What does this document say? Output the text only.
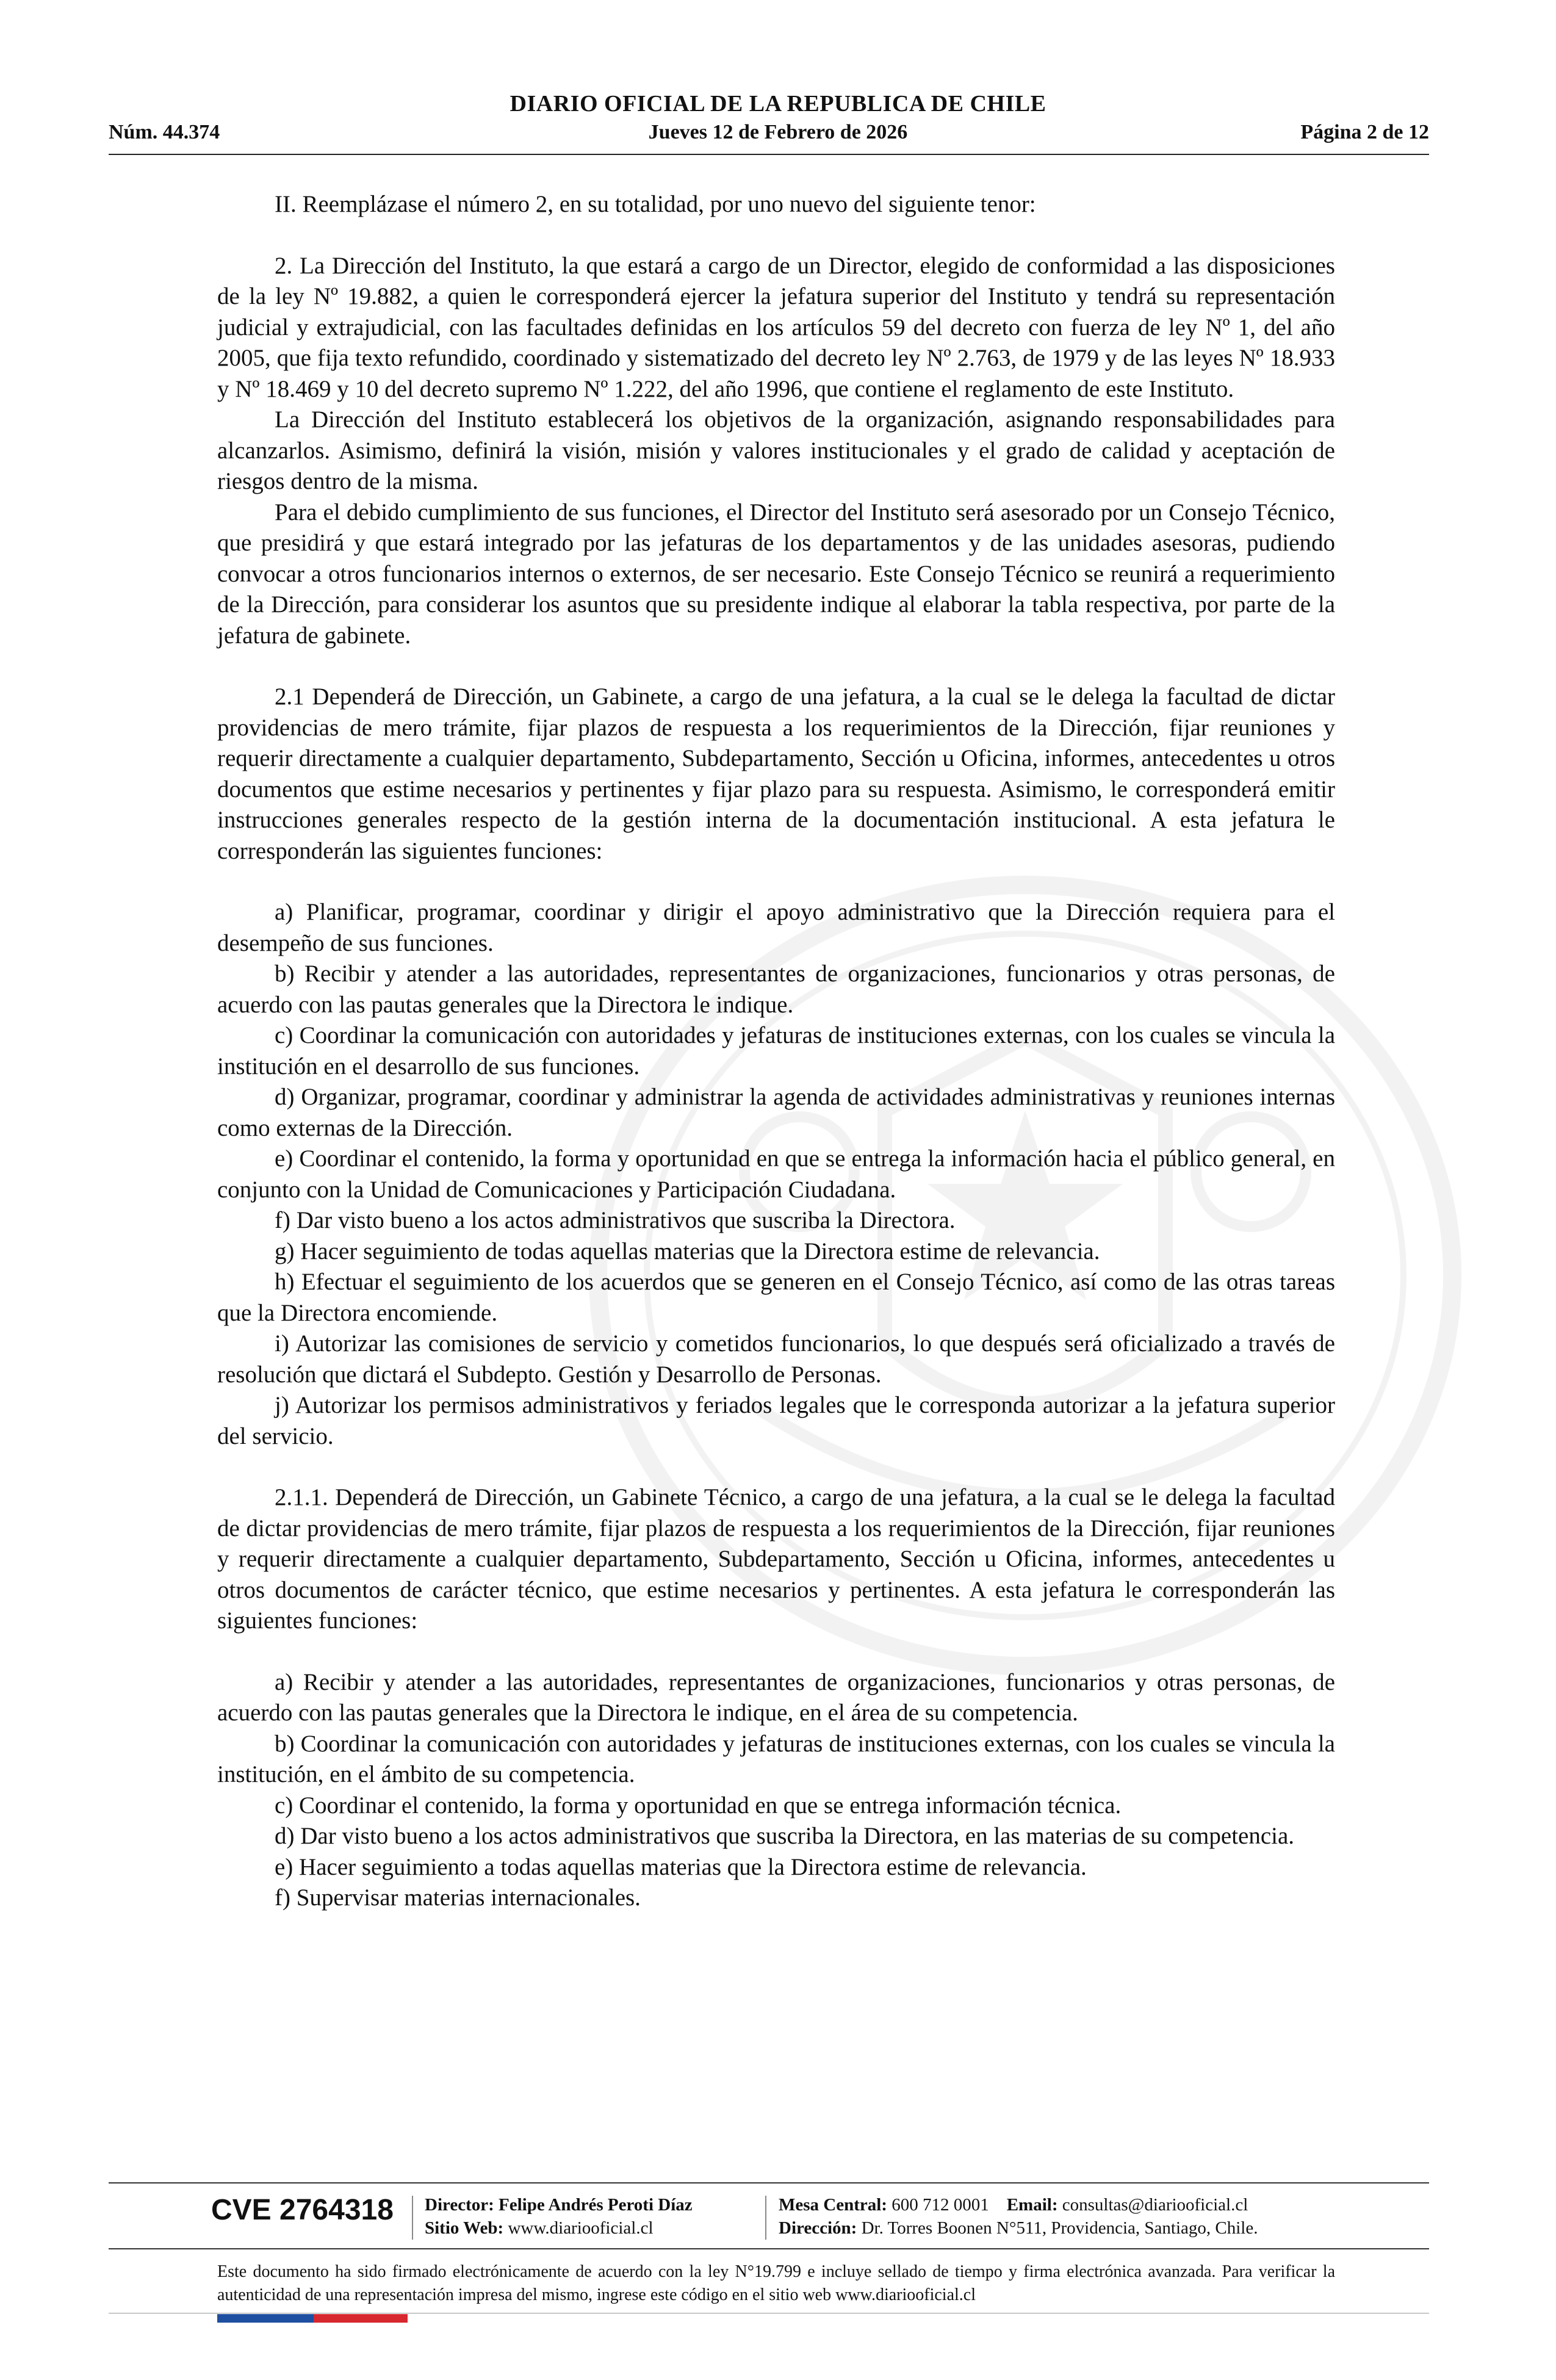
DIARIO OFICIAL DE LA REPUBLICA DE CHILE
Núm. 44.374	Jueves 12 de Febrero de 2026	Página 2 de 12

II. Reemplázase el número 2, en su totalidad, por uno nuevo del siguiente tenor:

2. La Dirección del Instituto, la que estará a cargo de un Director, elegido de conformidad a las disposiciones de la ley Nº 19.882, a quien le corresponderá ejercer la jefatura superior del Instituto y tendrá su representación judicial y extrajudicial, con las facultades definidas en los artículos 59 del decreto con fuerza de ley Nº 1, del año 2005, que fija texto refundido, coordinado y sistematizado del decreto ley Nº 2.763, de 1979 y de las leyes Nº 18.933 y Nº 18.469 y 10 del decreto supremo Nº 1.222, del año 1996, que contiene el reglamento de este Instituto.

La Dirección del Instituto establecerá los objetivos de la organización, asignando responsabilidades para alcanzarlos. Asimismo, definirá la visión, misión y valores institucionales y el grado de calidad y aceptación de riesgos dentro de la misma.

Para el debido cumplimiento de sus funciones, el Director del Instituto será asesorado por un Consejo Técnico, que presidirá y que estará integrado por las jefaturas de los departamentos y de las unidades asesoras, pudiendo convocar a otros funcionarios internos o externos, de ser necesario. Este Consejo Técnico se reunirá a requerimiento de la Dirección, para considerar los asuntos que su presidente indique al elaborar la tabla respectiva, por parte de la jefatura de gabinete.

2.1 Dependerá de Dirección, un Gabinete, a cargo de una jefatura, a la cual se le delega la facultad de dictar providencias de mero trámite, fijar plazos de respuesta a los requerimientos de la Dirección, fijar reuniones y requerir directamente a cualquier departamento, Subdepartamento, Sección u Oficina, informes, antecedentes u otros documentos que estime necesarios y pertinentes y fijar plazo para su respuesta. Asimismo, le corresponderá emitir instrucciones generales respecto de la gestión interna de la documentación institucional. A esta jefatura le corresponderán las siguientes funciones:

a) Planificar, programar, coordinar y dirigir el apoyo administrativo que la Dirección requiera para el desempeño de sus funciones.

b) Recibir y atender a las autoridades, representantes de organizaciones, funcionarios y otras personas, de acuerdo con las pautas generales que la Directora le indique.

c) Coordinar la comunicación con autoridades y jefaturas de instituciones externas, con los cuales se vincula la institución en el desarrollo de sus funciones.

d) Organizar, programar, coordinar y administrar la agenda de actividades administrativas y reuniones internas como externas de la Dirección.

e) Coordinar el contenido, la forma y oportunidad en que se entrega la información hacia el público general, en conjunto con la Unidad de Comunicaciones y Participación Ciudadana.

f) Dar visto bueno a los actos administrativos que suscriba la Directora.

g) Hacer seguimiento de todas aquellas materias que la Directora estime de relevancia.

h) Efectuar el seguimiento de los acuerdos que se generen en el Consejo Técnico, así como de las otras tareas que la Directora encomiende.

i) Autorizar las comisiones de servicio y cometidos funcionarios, lo que después será oficializado a través de resolución que dictará el Subdepto. Gestión y Desarrollo de Personas.

j) Autorizar los permisos administrativos y feriados legales que le corresponda autorizar a la jefatura superior del servicio.

2.1.1. Dependerá de Dirección, un Gabinete Técnico, a cargo de una jefatura, a la cual se le delega la facultad de dictar providencias de mero trámite, fijar plazos de respuesta a los requerimientos de la Dirección, fijar reuniones y requerir directamente a cualquier departamento, Subdepartamento, Sección u Oficina, informes, antecedentes u otros documentos de carácter técnico, que estime necesarios y pertinentes. A esta jefatura le corresponderán las siguientes funciones:

a) Recibir y atender a las autoridades, representantes de organizaciones, funcionarios y otras personas, de acuerdo con las pautas generales que la Directora le indique, en el área de su competencia.

b) Coordinar la comunicación con autoridades y jefaturas de instituciones externas, con los cuales se vincula la institución, en el ámbito de su competencia.

c) Coordinar el contenido, la forma y oportunidad en que se entrega información técnica.

d) Dar visto bueno a los actos administrativos que suscriba la Directora, en las materias de su competencia.

e) Hacer seguimiento a todas aquellas materias que la Directora estime de relevancia.

f) Supervisar materias internacionales.

CVE 2764318 Director: Felipe Andrés Peroti Díaz
Sitio Web: www.diariooficial.cl
Mesa Central: 600 712 0001 Email: consultas@diariooficial.cl
Dirección: Dr. Torres Boonen N°511, Providencia, Santiago, Chile.
Este documento ha sido firmado electrónicamente de acuerdo con la ley N°19.799 e incluye sellado de tiempo y firma electrónica avanzada. Para verificar la autenticidad de una representación impresa del mismo, ingrese este código en el sitio web www.diariooficial.cl
